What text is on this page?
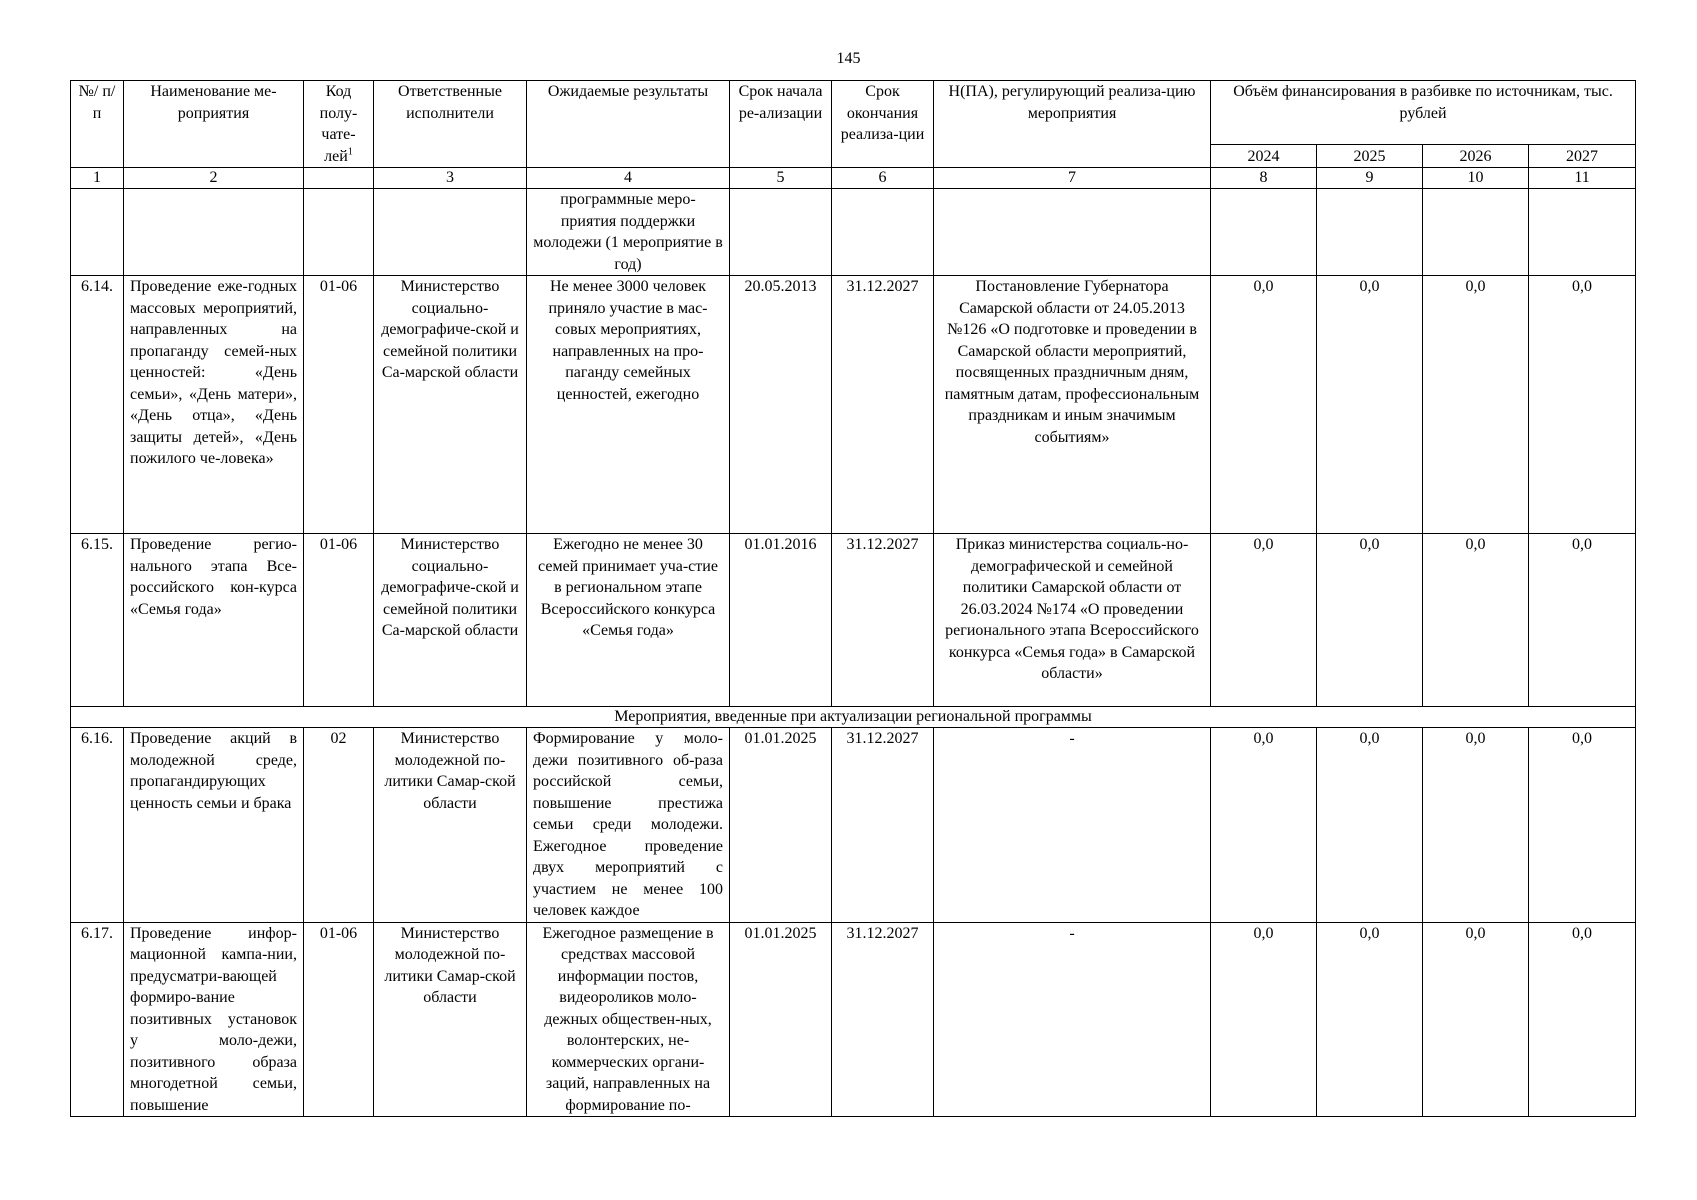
145
№/ п/п	Наименование ме-роприятия	Код полу-чате-лей$^1$	Ответственные исполнители	Ожидаемые результаты	Срок начала ре-ализации	Срок окончания реализа-ции	Н(ПА), регулирующий реализа-цию мероприятия	Объём финансирования в разбивке по источникам, тыс. рублей			
								2024	2025	2026	2027
1	2		3	4	5	6	7	8	9	10	11
				программные меро-приятия поддержки молодежи (1 мероприятие в год)							
6.14.	Проведение еже-годных массовых мероприятий, направленных на пропаганду семей-ных ценностей: «День семьи», «День матери», «День отца», «День защиты детей», «День пожилого че-ловека»	01-06	Министерство социально-демографиче-ской и семейной политики Са-марской области	Не менее 3000 человек приняло участие в мас-совых мероприятиях, направленных на про-паганду семейных ценностей, ежегодно	20.05.2013	31.12.2027	Постановление Губернатора Самарской области от 24.05.2013 №126 «О подготовке и проведении в Самарской области мероприятий, посвященных праздничным дням, памятным датам, профессиональным праздникам и иным значимым событиям»	0,0	0,0	0,0	0,0
6.15.	Проведение регио-нального этапа Все-российского кон-курса «Семья года»	01-06	Министерство социально-демографиче-ской и семейной политики Са-марской области	Ежегодно не менее 30 семей принимает уча-стие в региональном этапе Всероссийского конкурса «Семья года»	01.01.2016	31.12.2027	Приказ министерства социаль-но-демографической и семейной политики Самарской области от 26.03.2024 №174 «О проведении регионального этапа Всероссийского конкурса «Семья года» в Самарской области»	0,0	0,0	0,0	0,0
Мероприятия, введенные при актуализации региональной программы											
6.16.	Проведение акций в молодежной среде, пропагандирующих ценность семьи и брака	02	Министерство молодежной по-литики Самар-ской области	Формирование у моло-дежи позитивного об-раза российской семьи, повышение престижа семьи среди молодежи. Ежегодное проведение двух мероприятий с участием не менее 100 человек каждое	01.01.2025	31.12.2027	-	0,0	0,0	0,0	0,0
6.17.	Проведение инфор-мационной кампа-нии, предусматри-вающей формиро-вание позитивных установок у моло-дежи, позитивного образа многодетной семьи, повышение	01-06	Министерство молодежной по-литики Самар-ской области	Ежегодное размещение в средствах массовой информации постов, видеороликов моло-дежных обществен-ных, волонтерских, не-коммерческих органи-заций, направленных на формирование по-	01.01.2025	31.12.2027	-	0,0	0,0	0,0	0,0
